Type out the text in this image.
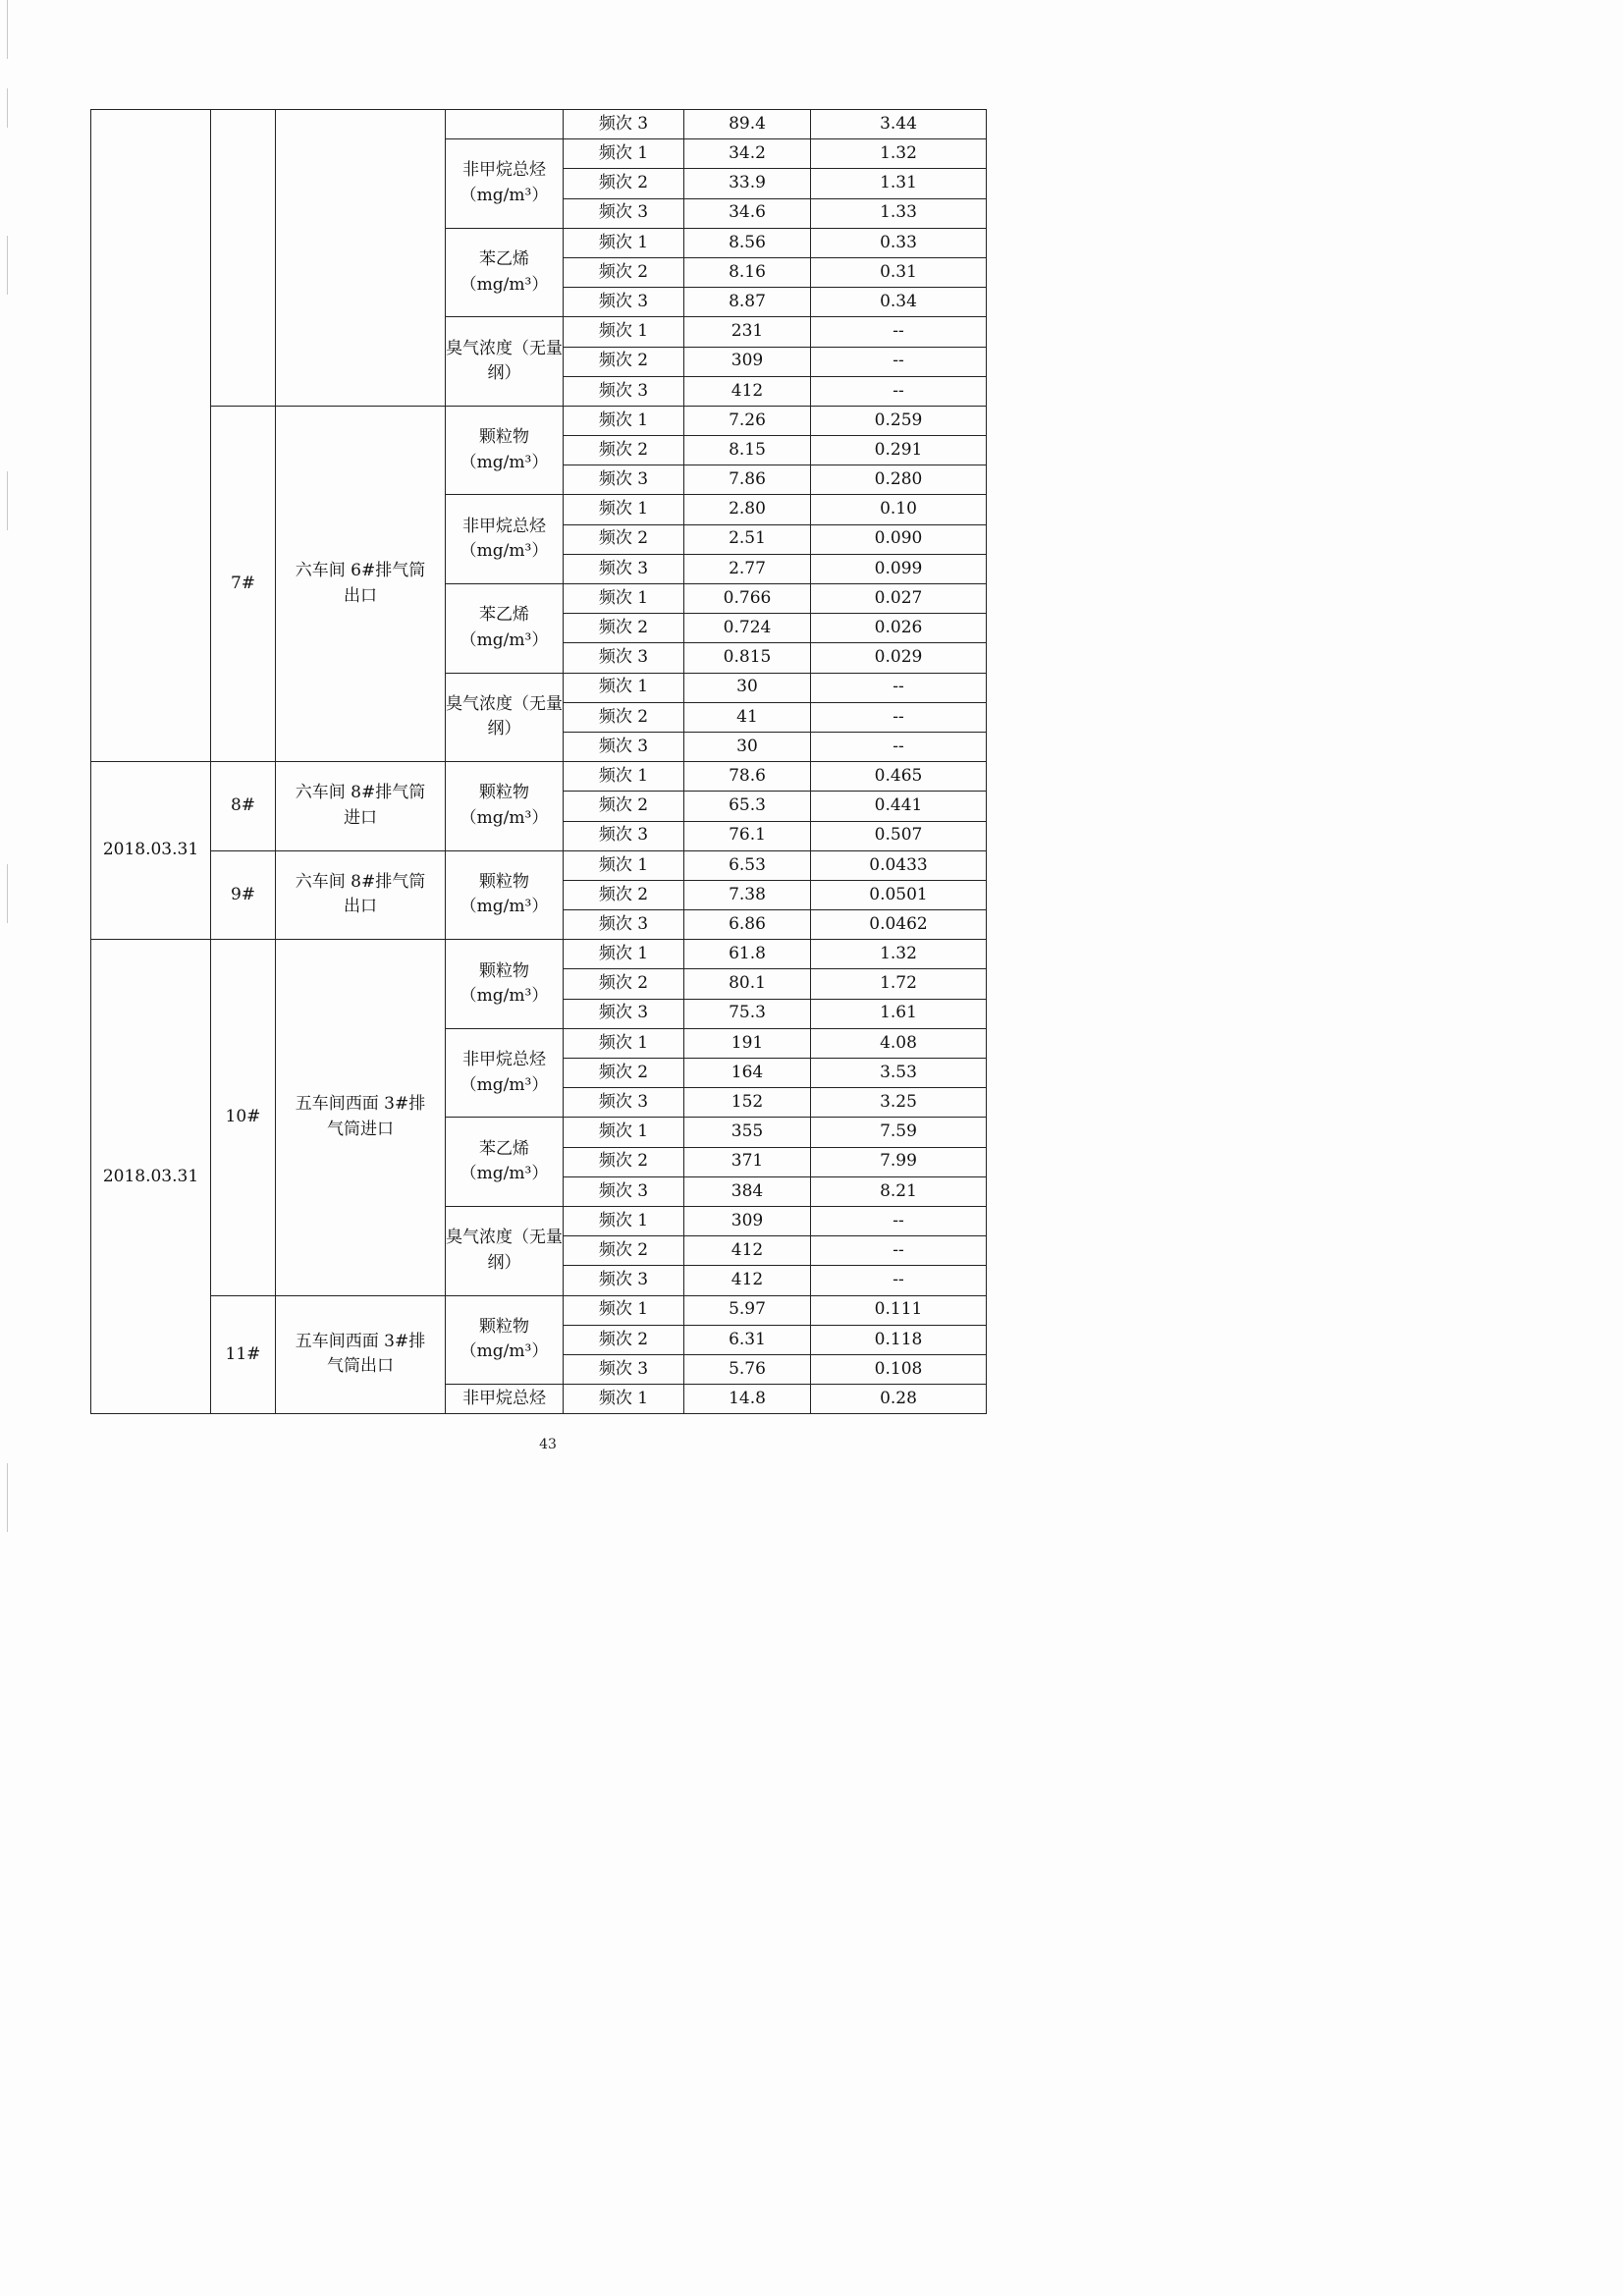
				频次 3	89.4	3.44
			非甲烷总烃（mg/m³）	频次 1	34.2	1.32
				频次 2	33.9	1.31
				频次 3	34.6	1.33
			苯乙烯（mg/m³）	频次 1	8.56	0.33
				频次 2	8.16	0.31
				频次 3	8.87	0.34
			臭气浓度（无量纲）	频次 1	231	--
				频次 2	309	--
				频次 3	412	--
	7#	六车间 6#排气筒出口	颗粒物（mg/m³）	频次 1	7.26	0.259
				频次 2	8.15	0.291
				频次 3	7.86	0.280
			非甲烷总烃（mg/m³）	频次 1	2.80	0.10
				频次 2	2.51	0.090
				频次 3	2.77	0.099
			苯乙烯（mg/m³）	频次 1	0.766	0.027
				频次 2	0.724	0.026
				频次 3	0.815	0.029
			臭气浓度（无量纲）	频次 1	30	--
				频次 2	41	--
				频次 3	30	--
2018.03.31	8#	六车间 8#排气筒进口	颗粒物（mg/m³）	频次 1	78.6	0.465
				频次 2	65.3	0.441
				频次 3	76.1	0.507
	9#	六车间 8#排气筒出口	颗粒物（mg/m³）	频次 1	6.53	0.0433
				频次 2	7.38	0.0501
				频次 3	6.86	0.0462
2018.03.31	10#	五车间西面 3#排气筒进口	颗粒物（mg/m³）	频次 1	61.8	1.32
				频次 2	80.1	1.72
				频次 3	75.3	1.61
			非甲烷总烃（mg/m³）	频次 1	191	4.08
				频次 2	164	3.53
				频次 3	152	3.25
			苯乙烯（mg/m³）	频次 1	355	7.59
				频次 2	371	7.99
				频次 3	384	8.21
			臭气浓度（无量纲）	频次 1	309	--
				频次 2	412	--
				频次 3	412	--
	11#	五车间西面 3#排气筒出口	颗粒物（mg/m³）	频次 1	5.97	0.111
				频次 2	6.31	0.118
				频次 3	5.76	0.108
			非甲烷总烃	频次 1	14.8	0.28
43
